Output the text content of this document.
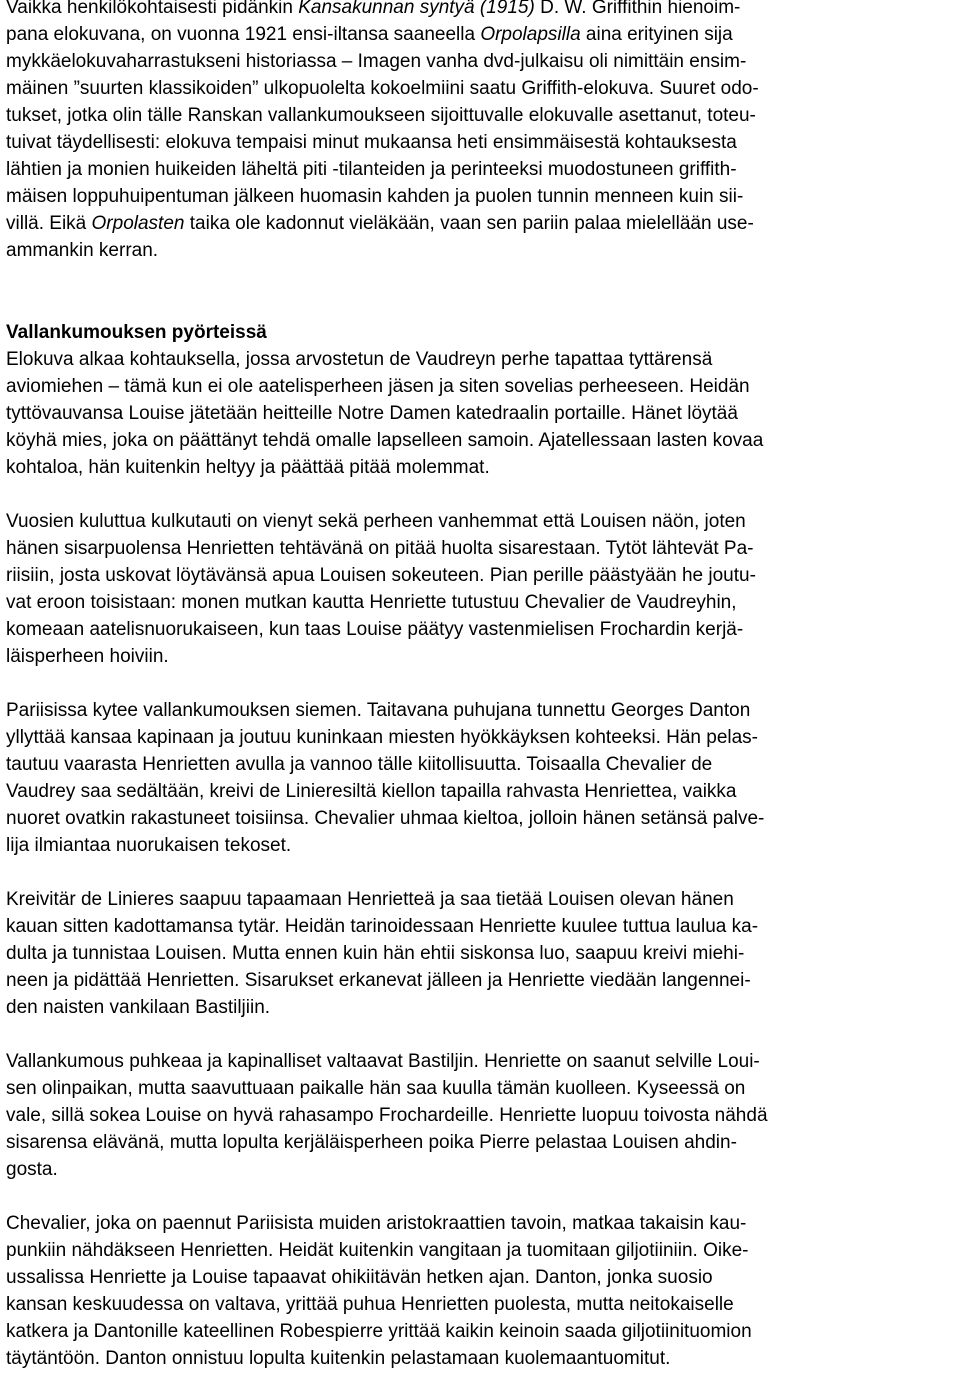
Vaikka henkilökohtaisesti pidänkin Kansakunnan syntyä (1915) D. W. Griffithin hienoim-
pana elokuvana, on vuonna 1921 ensi-iltansa saaneella Orpolapsilla aina erityinen sija
mykkäelokuvaharrastukseni historiassa – Imagen vanha dvd-julkaisu oli nimittäin ensim-
mäinen ”suurten klassikoiden” ulkopuolelta kokoelmiini saatu Griffith-elokuva. Suuret odo-
tukset, jotka olin tälle Ranskan vallankumoukseen sijoittuvalle elokuvalle asettanut, toteu-
tuivat täydellisesti: elokuva tempaisi minut mukaansa heti ensimmäisestä kohtauksesta
lähtien ja monien huikeiden läheltä piti -tilanteiden ja perinteeksi muodostuneen griffith-
mäisen loppuhuipentuman jälkeen huomasin kahden ja puolen tunnin menneen kuin sii-
villä. Eikä Orpolasten taika ole kadonnut vieläkään, vaan sen pariin palaa mielellään use-
ammankin kerran.
Vallankumouksen pyörteissä
Elokuva alkaa kohtauksella, jossa arvostetun de Vaudreyn perhe tapattaa tyttärensä
aviomiehen – tämä kun ei ole aatelisperheen jäsen ja siten sovelias perheeseen. Heidän
tyttövauvansa Louise jätetään heitteille Notre Damen katedraalin portaille. Hänet löytää
köyhä mies, joka on päättänyt tehdä omalle lapselleen samoin. Ajatellessaan lasten kovaa
kohtaloa, hän kuitenkin heltyy ja päättää pitää molemmat.
Vuosien kuluttua kulkutauti on vienyt sekä perheen vanhemmat että Louisen näön, joten
hänen sisarpuolensa Henrietten tehtävänä on pitää huolta sisarestaan. Tytöt lähtevät Pa-
riisiin, josta uskovat löytävänsä apua Louisen sokeuteen. Pian perille päästyään he joutu-
vat eroon toisistaan: monen mutkan kautta Henriette tutustuu Chevalier de Vaudreyhin,
komeaan aatelisnuorukaiseen, kun taas Louise päätyy vastenmielisen Frochardin kerjä-
läisperheen hoiviin.
Pariisissa kytee vallankumouksen siemen. Taitavana puhujana tunnettu Georges Danton
yllyttää kansaa kapinaan ja joutuu kuninkaan miesten hyökkäyksen kohteeksi. Hän pelas-
tautuu vaarasta Henrietten avulla ja vannoo tälle kiitollisuutta. Toisaalla Chevalier de
Vaudrey saa sedältään, kreivi de Linieresiltä kiellon tapailla rahvasta Henriettea, vaikka
nuoret ovatkin rakastuneet toisiinsa. Chevalier uhmaa kieltoa, jolloin hänen setänsä palve-
lija ilmiantaa nuorukaisen tekoset.
Kreivitär de Linieres saapuu tapaamaan Henrietteä ja saa tietää Louisen olevan hänen
kauan sitten kadottamansa tytär. Heidän tarinoidessaan Henriette kuulee tuttua laulua ka-
dulta ja tunnistaa Louisen. Mutta ennen kuin hän ehtii siskonsa luo, saapuu kreivi miehi-
neen ja pidättää Henrietten. Sisarukset erkanevat jälleen ja Henriette viedään langennei-
den naisten vankilaan Bastiljiin.
Vallankumous puhkeaa ja kapinalliset valtaavat Bastiljin. Henriette on saanut selville Loui-
sen olinpaikan, mutta saavuttuaan paikalle hän saa kuulla tämän kuolleen. Kyseessä on
vale, sillä sokea Louise on hyvä rahasampo Frochardeille. Henriette luopuu toivosta nähdä
sisarensa elävänä, mutta lopulta kerjäläisperheen poika Pierre pelastaa Louisen ahdin-
gosta.
Chevalier, joka on paennut Pariisista muiden aristokraattien tavoin, matkaa takaisin kau-
punkiin nähdäkseen Henrietten. Heidät kuitenkin vangitaan ja tuomitaan giljotiiniin. Oike-
ussalissa Henriette ja Louise tapaavat ohikiitävän hetken ajan. Danton, jonka suosio
kansan keskuudessa on valtava, yrittää puhua Henrietten puolesta, mutta neitokaiselle
katkera ja Dantonille kateellinen Robespierre yrittää kaikin keinoin saada giljotiinituomion
täytäntöön. Danton onnistuu lopulta kuitenkin pelastamaan kuolemaantuomitut.
